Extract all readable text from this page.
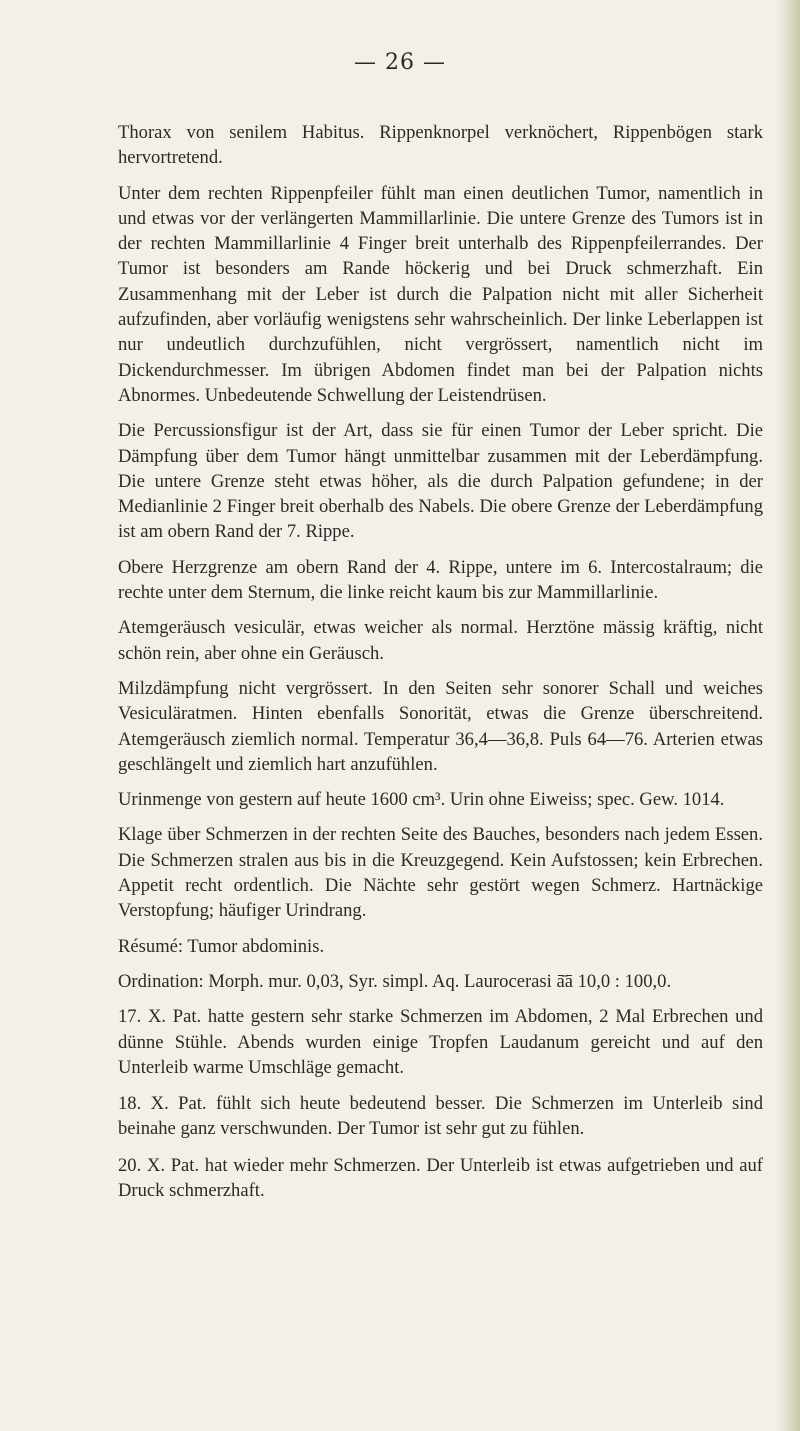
— 26 —

Thorax von senilem Habitus. Rippenknorpel verknöchert, Rippenbögen stark hervortretend.

Unter dem rechten Rippenpfeiler fühlt man einen deutlichen Tumor, namentlich in und etwas vor der verlängerten Mammillarlinie. Die untere Grenze des Tumors ist in der rechten Mammillarlinie 4 Finger breit unterhalb des Rippenpfeilerrandes. Der Tumor ist besonders am Rande höckerig und bei Druck schmerzhaft. Ein Zusammenhang mit der Leber ist durch die Palpation nicht mit aller Sicherheit aufzufinden, aber vorläufig wenigstens sehr wahrscheinlich. Der linke Leberlappen ist nur undeutlich durchzufühlen, nicht vergrössert, namentlich nicht im Dickendurchmesser. Im übrigen Abdomen findet man bei der Palpation nichts Abnormes. Unbedeutende Schwellung der Leistendrüsen.

Die Percussionsfigur ist der Art, dass sie für einen Tumor der Leber spricht. Die Dämpfung über dem Tumor hängt unmittelbar zusammen mit der Leberdämpfung. Die untere Grenze steht etwas höher, als die durch Palpation gefundene; in der Medianlinie 2 Finger breit oberhalb des Nabels. Die obere Grenze der Leberdämpfung ist am obern Rand der 7. Rippe.

Obere Herzgrenze am obern Rand der 4. Rippe, untere im 6. Intercostalraum; die rechte unter dem Sternum, die linke reicht kaum bis zur Mammillarlinie.

Atemgeräusch vesiculär, etwas weicher als normal. Herztöne mässig kräftig, nicht schön rein, aber ohne ein Geräusch.

Milzdämpfung nicht vergrössert. In den Seiten sehr sonorer Schall und weiches Vesiculäratmen. Hinten ebenfalls Sonorität, etwas die Grenze überschreitend. Atemgeräusch ziemlich normal. Temperatur 36,4—36,8. Puls 64—76. Arterien etwas geschlängelt und ziemlich hart anzufühlen.

Urinmenge von gestern auf heute 1600 cm³. Urin ohne Eiweiss; spec. Gew. 1014.

Klage über Schmerzen in der rechten Seite des Bauches, besonders nach jedem Essen. Die Schmerzen stralen aus bis in die Kreuzgegend. Kein Aufstossen; kein Erbrechen. Appetit recht ordentlich. Die Nächte sehr gestört wegen Schmerz. Hartnäckige Verstopfung; häufiger Urindrang.

Résumé: Tumor abdominis.

Ordination: Morph. mur. 0,03, Syr. simpl. Aq. Laurocerasi ā̄ā 10,0 : 100,0.

17. X. Pat. hatte gestern sehr starke Schmerzen im Abdomen, 2 Mal Erbrechen und dünne Stühle. Abends wurden einige Tropfen Laudanum gereicht und auf den Unterleib warme Umschläge gemacht.

18. X. Pat. fühlt sich heute bedeutend besser. Die Schmerzen im Unterleib sind beinahe ganz verschwunden. Der Tumor ist sehr gut zu fühlen.

20. X. Pat. hat wieder mehr Schmerzen. Der Unterleib ist etwas aufgetrieben und auf Druck schmerzhaft.
